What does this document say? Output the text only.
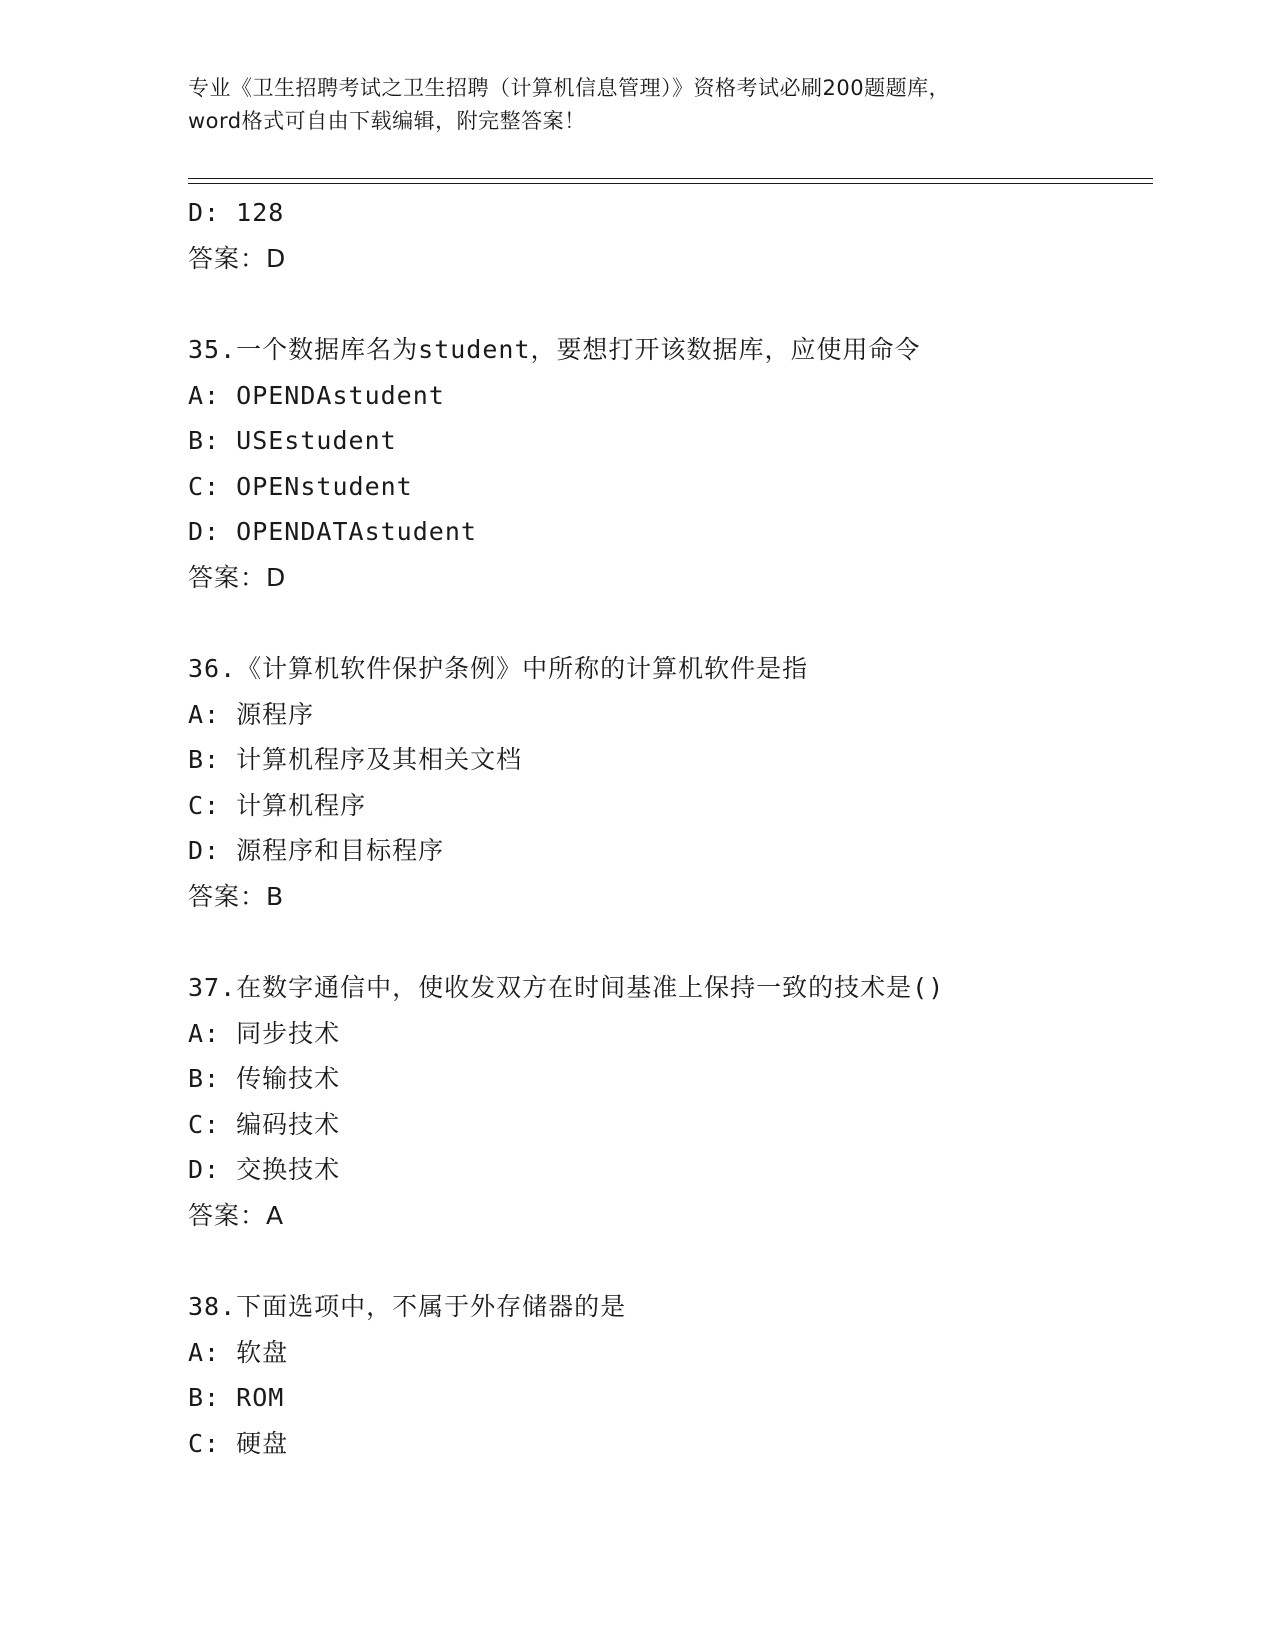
专业《卫生招聘考试之卫生招聘（计算机信息管理）》资格考试必刷200题题库，
word格式可自由下载编辑，附完整答案！
D: 128
答案：D
35.一个数据库名为student，要想打开该数据库，应使用命令
A: OPENDAstudent
B: USEstudent
C: OPENstudent
D: OPENDATAstudent
答案：D
36.《计算机软件保护条例》中所称的计算机软件是指
A: 源程序
B: 计算机程序及其相关文档
C: 计算机程序
D: 源程序和目标程序
答案：B
37.在数字通信中，使收发双方在时间基准上保持一致的技术是()
A: 同步技术
B: 传输技术
C: 编码技术
D: 交换技术
答案：A
38.下面选项中，不属于外存储器的是
A: 软盘
B: ROM
C: 硬盘
